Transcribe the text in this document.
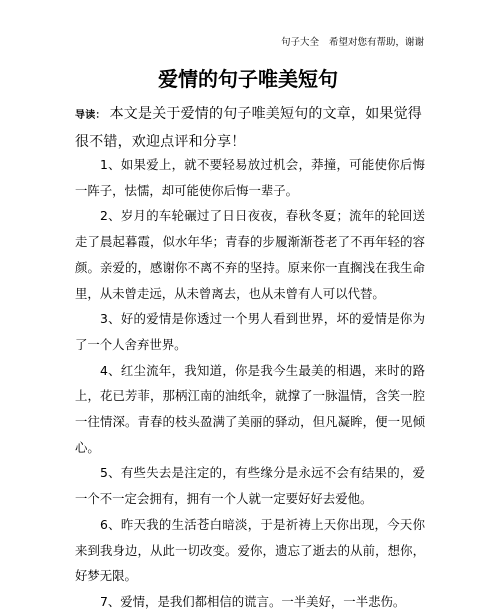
句子大全 希望对您有帮助，谢谢
爱情的句子唯美短句
导读： 本文是关于爱情的句子唯美短句的文章，如果觉得很不错，欢迎点评和分享！

1、如果爱上，就不要轻易放过机会，莽撞，可能使你后悔一阵子，怯懦，却可能使你后悔一辈子。

2、岁月的车轮碾过了日日夜夜，春秋冬夏；流年的轮回送走了晨起暮霞，似水年华；青春的步履渐渐苍老了不再年轻的容颜。亲爱的，感谢你不离不弃的坚持。原来你一直搁浅在我生命里，从未曾走远，从未曾离去，也从未曾有人可以代替。

3、好的爱情是你透过一个男人看到世界，坏的爱情是你为了一个人舍弃世界。

4、红尘流年，我知道，你是我今生最美的相遇，来时的路上，花已芳菲，那柄江南的油纸伞，就撑了一脉温情，含笑一腔一往情深。青春的枝头盈满了美丽的驿动，但凡凝眸，便一见倾心。

5、有些失去是注定的，有些缘分是永远不会有结果的，爱一个不一定会拥有，拥有一个人就一定要好好去爱他。

6、昨天我的生活苍白暗淡，于是祈祷上天你出现，今天你来到我身边，从此一切改变。爱你，遗忘了逝去的从前，想你，好梦无限。

7、爱情，是我们都相信的谎言。一半美好，一半悲伤。
